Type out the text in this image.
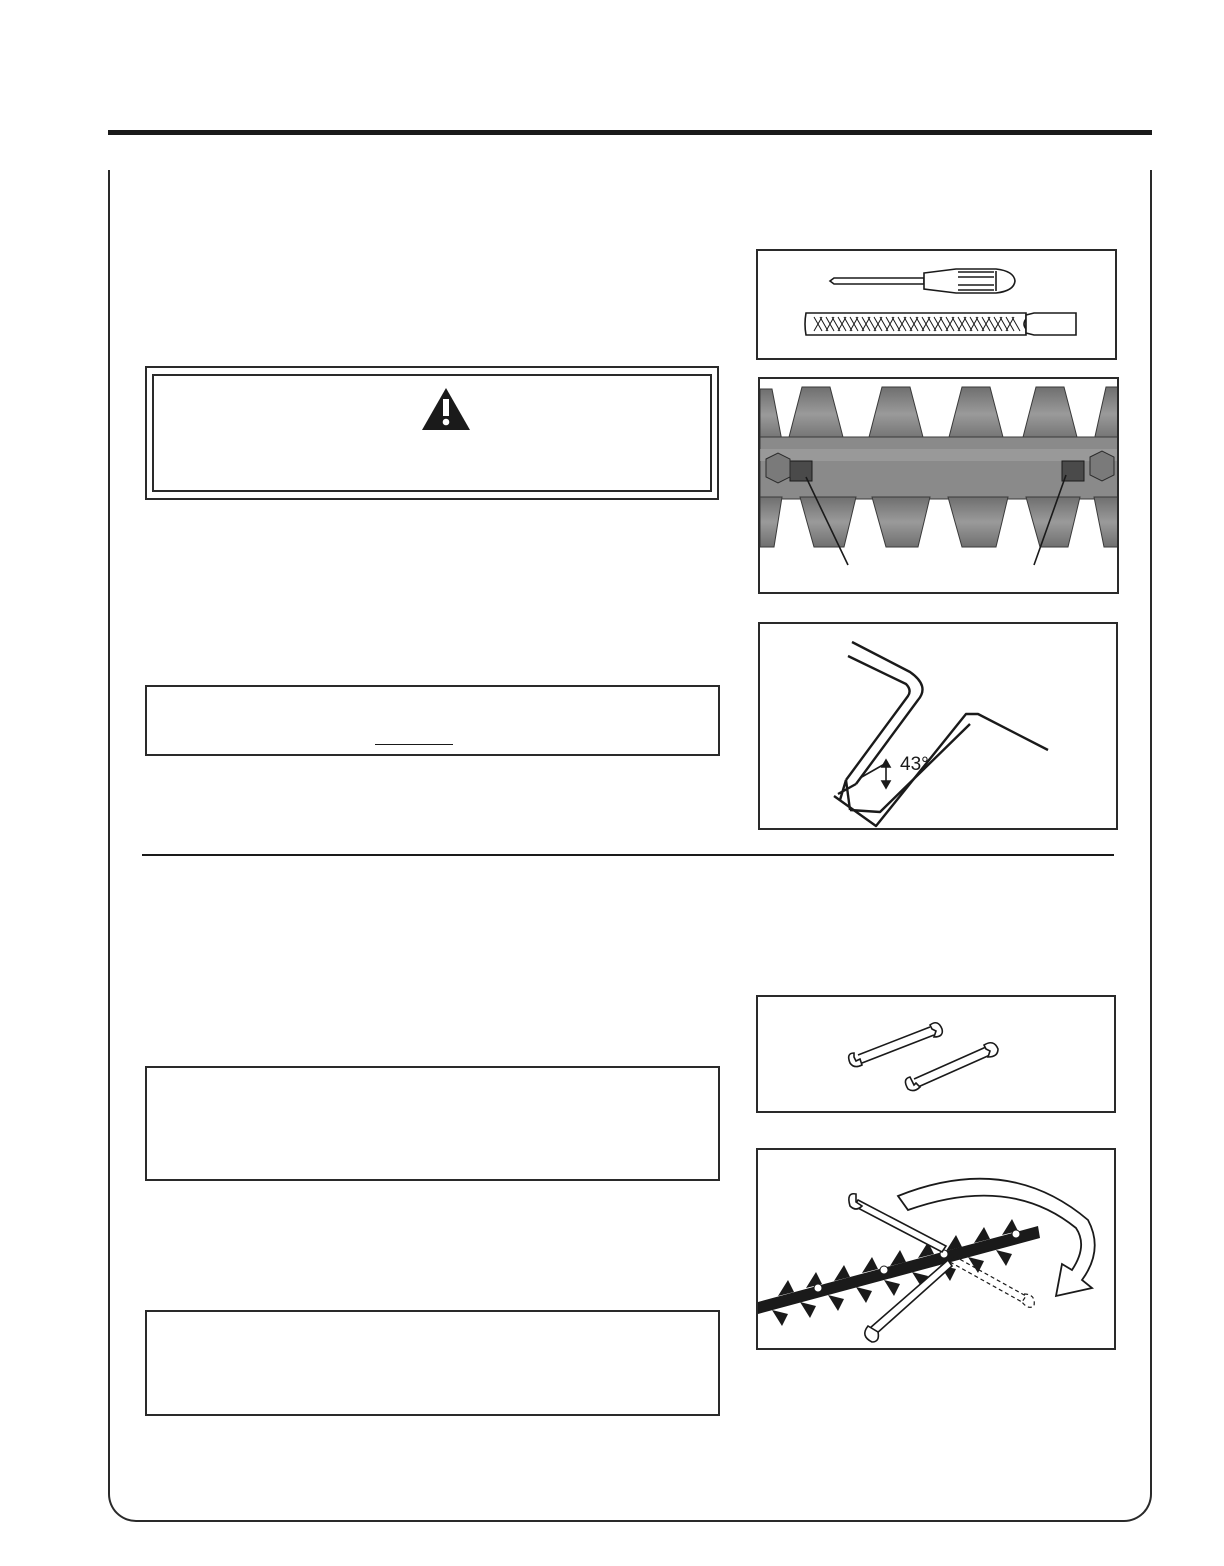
43°
